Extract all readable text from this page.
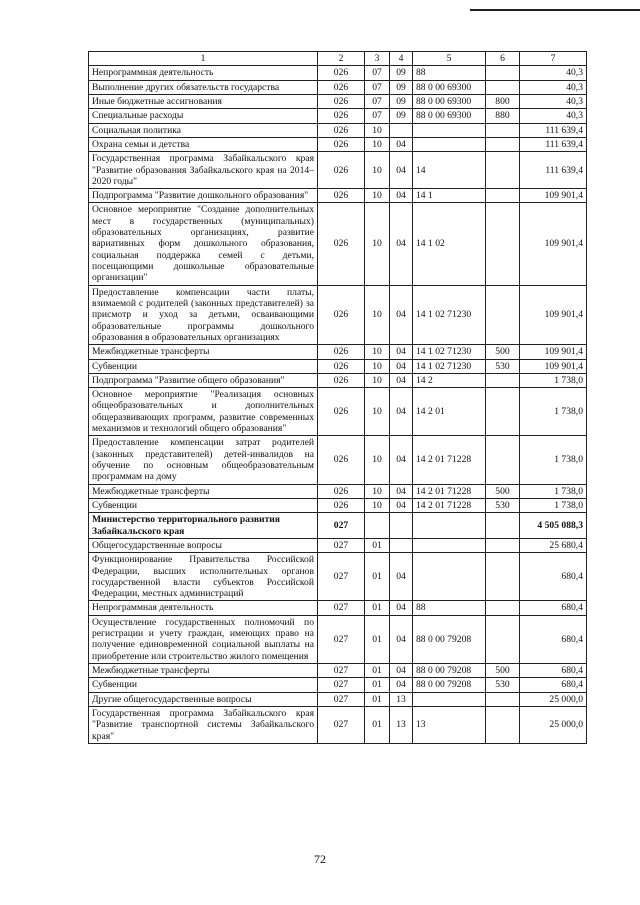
1	2	3	4	5	6	7
Непрограммная деятельность	026	07	09	88		40,3
Выполнение других обязательств государства	026	07	09	88 0 00 69300		40,3
Иные бюджетные ассигнования	026	07	09	88 0 00 69300	800	40,3
Специальные расходы	026	07	09	88 0 00 69300	880	40,3
Социальная политика	026	10				111 639,4
Охрана семьи и детства	026	10	04			111 639,4
Государственная программа Забайкальского края "Развитие образования Забайкальского края на 2014–2020 годы"	026	10	04	14		111 639,4
Подпрограмма "Развитие дошкольного образования"	026	10	04	14 1		109 901,4
Основное мероприятие "Создание дополнительных мест в государственных (муниципальных) образовательных организациях, развитие вариативных форм дошкольного образования, социальная поддержка семей с детьми, посещающими дошкольные образовательные организации"	026	10	04	14 1 02		109 901,4
Предоставление компенсации части платы, взимаемой с родителей (законных представителей) за присмотр и уход за детьми, осваивающими образовательные программы дошкольного образования в образовательных организациях	026	10	04	14 1 02 71230		109 901,4
Межбюджетные трансферты	026	10	04	14 1 02 71230	500	109 901,4
Субвенции	026	10	04	14 1 02 71230	530	109 901,4
Подпрограмма "Развитие общего образования"	026	10	04	14 2		1 738,0
Основное мероприятие "Реализация основных общеобразовательных и дополнительных общеразвивающих программ, развитие современных механизмов и технологий общего образования"	026	10	04	14 2 01		1 738,0
Предоставление компенсации затрат родителей (законных представителей) детей-инвалидов на обучение по основным общеобразовательным программам на дому	026	10	04	14 2 01 71228		1 738,0
Межбюджетные трансферты	026	10	04	14 2 01 71228	500	1 738,0
Субвенции	026	10	04	14 2 01 71228	530	1 738,0
Министерство территориального развития Забайкальского края	027					4 505 088,3
Общегосударственные вопросы	027	01				25 680,4
Функционирование Правительства Российской Федерации, высших исполнительных органов государственной власти субъектов Российской Федерации, местных администраций	027	01	04			680,4
Непрограммная деятельность	027	01	04	88		680,4
Осуществление государственных полномочий по регистрации и учету граждан, имеющих право на получение единовременной социальной выплаты на приобретение или строительство жилого помещения	027	01	04	88 0 00 79208		680,4
Межбюджетные трансферты	027	01	04	88 0 00 79208	500	680,4
Субвенции	027	01	04	88 0 00 79208	530	680,4
Другие общегосударственные вопросы	027	01	13			25 000,0
Государственная программа Забайкальского края "Развитие транспортной системы Забайкальского края"	027	01	13	13		25 000,0
72
